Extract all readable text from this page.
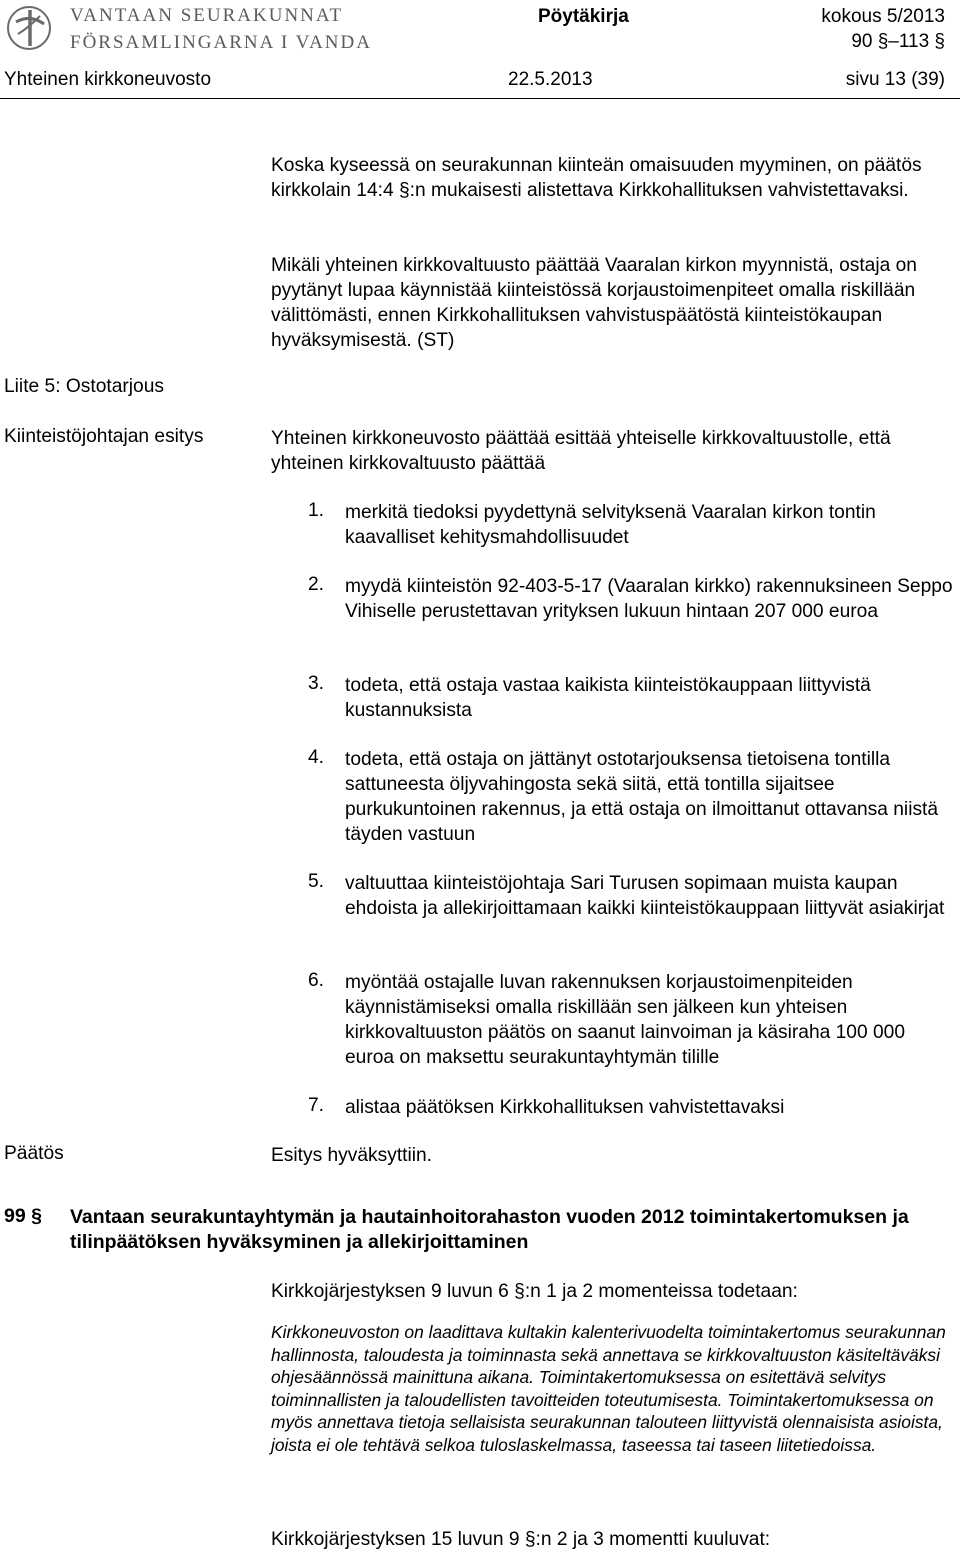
VANTAAN SEURAKUNNAT
FÖRSAMLINGARNA I VANDA
Pöytäkirja	kokous 5/2013
90 §–113 §
Yhteinen kirkkoneuvosto	22.5.2013	sivu 13 (39)
Koska kyseessä on seurakunnan kiinteän omaisuuden myyminen, on päätös kirkkolain 14:4 §:n mukaisesti alistettava Kirkkohallituksen vahvistettavaksi.
Mikäli yhteinen kirkkovaltuusto päättää Vaaralan kirkon myynnistä, ostaja on pyytänyt lupaa käynnistää kiinteistössä korjaustoimenpiteet omalla riskillään välittömästi, ennen Kirkkohallituksen vahvistuspäätöstä kiinteistökaupan hyväksymisestä. (ST)
Liite 5: Ostotarjous
Kiinteistöjohtajan esitys	Yhteinen kirkkoneuvosto päättää esittää yhteiselle kirkkovaltuustolle, että yhteinen kirkkovaltuusto päättää
1. merkitä tiedoksi pyydettynä selvityksenä Vaaralan kirkon tontin kaavalliset kehitysmahdollisuudet
2. myydä kiinteistön 92-403-5-17 (Vaaralan kirkko) rakennuksineen Seppo Vihiselle perustettavan yrityksen lukuun hintaan 207 000 euroa
3. todeta, että ostaja vastaa kaikista kiinteistökauppaan liittyvistä kustannuksista
4. todeta, että ostaja on jättänyt ostotarjouksensa tietoisena tontilla sattuneesta öljyvahingosta sekä siitä, että tontilla sijaitsee purkukuntoinen rakennus, ja että ostaja on ilmoittanut ottavansa niistä täyden vastuun
5. valtuuttaa kiinteistöjohtaja Sari Turusen sopimaan muista kaupan ehdoista ja allekirjoittamaan kaikki kiinteistökauppaan liittyvät asiakirjat
6. myöntää ostajalle luvan rakennuksen korjaustoimenpiteiden käynnistämiseksi omalla riskillään sen jälkeen kun yhteisen kirkkovaltuuston päätös on saanut lainvoiman ja käsiraha 100 000 euroa on maksettu seurakuntayhtymän tilille
7. alistaa päätöksen Kirkkohallituksen vahvistettavaksi
Päätös	Esitys hyväksyttiin.
99 § Vantaan seurakuntayhtymän ja hautainhoitorahaston vuoden 2012 toimintakertomuksen ja tilinpäätöksen hyväksyminen ja allekirjoittaminen
Kirkkojärjestyksen 9 luvun 6 §:n 1 ja 2 momenteissa todetaan:
Kirkkoneuvoston on laadittava kultakin kalenterivuodelta toimintakertomus seurakunnan hallinnosta, taloudesta ja toiminnasta sekä annettava se kirkkovaltuuston käsiteltäväksi ohjesäännössä mainittuna aikana. Toimintakertomuksessa on esitettävä selvitys toiminnallisten ja taloudellisten tavoitteiden toteutumisesta. Toimintakertomuksessa on myös annettava tietoja sellaisista seurakunnan talouteen liittyvistä olennaisista asioista, joista ei ole tehtävä selkoa tuloslaskelmassa, taseessa tai taseen liitetiedoissa.
Kirkkojärjestyksen 15 luvun 9 §:n 2 ja 3 momentti kuuluvat:
